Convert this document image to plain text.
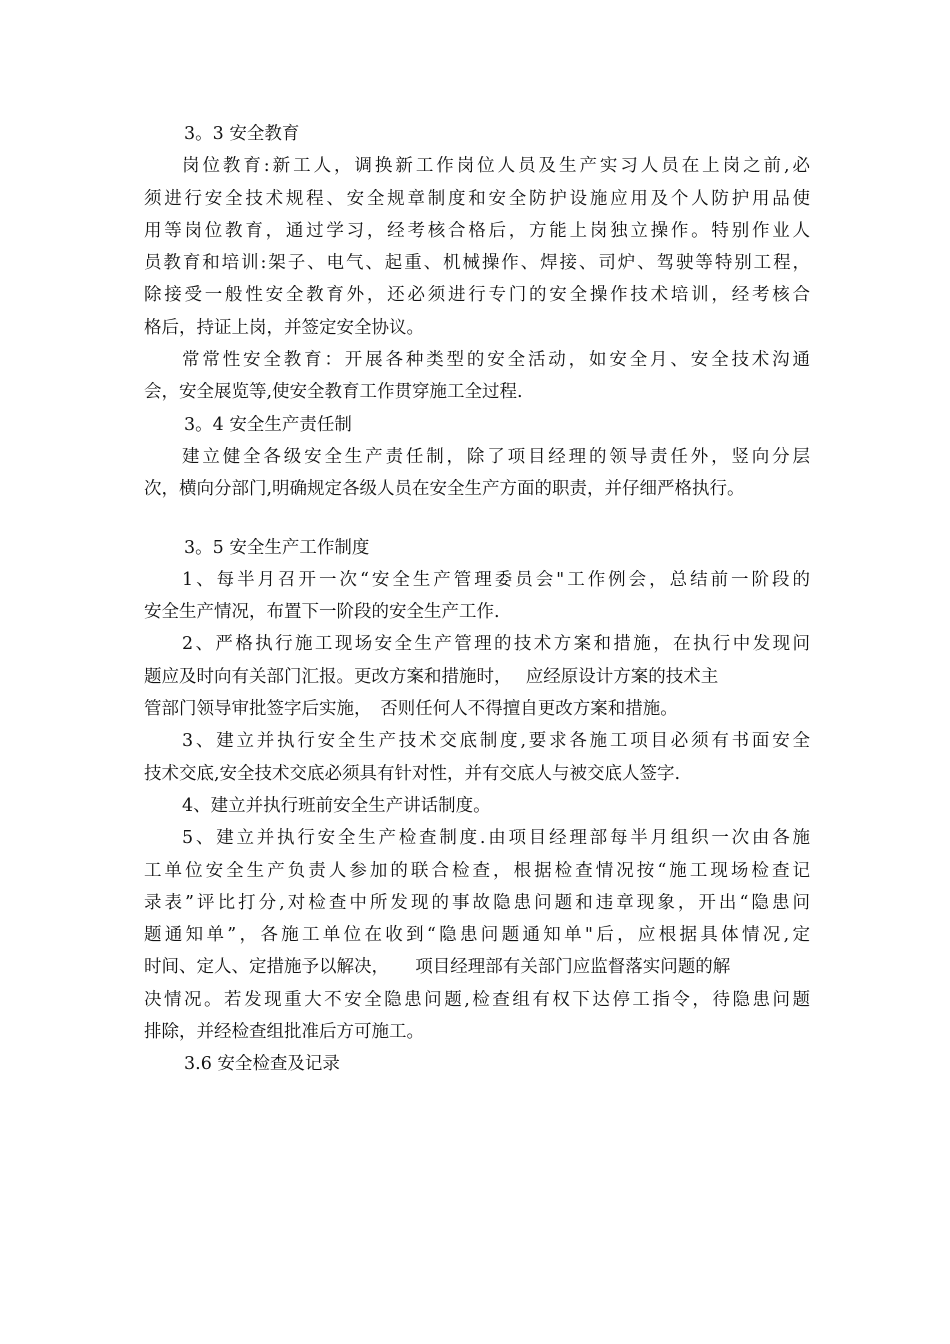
3。3 安全教育
岗位教育:新工人，调换新工作岗位人员及生产实习人员在上岗之前,必
须进行安全技术规程、安全规章制度和安全防护设施应用及个人防护用品使
用等岗位教育，通过学习，经考核合格后，方能上岗独立操作。特别作业人
员教育和培训:架子、电气、起重、机械操作、焊接、司炉、驾驶等特别工程，
除接受一般性安全教育外，还必须进行专门的安全操作技术培训，经考核合
格后，持证上岗，并签定安全协议。
常常性安全教育：开展各种类型的安全活动，如安全月、安全技术沟通
会，安全展览等,使安全教育工作贯穿施工全过程.
3。4 安全生产责任制
建立健全各级安全生产责任制，除了项目经理的领导责任外，竖向分层
次，横向分部门,明确规定各级人员在安全生产方面的职责，并仔细严格执行。
3。5 安全生产工作制度
1、每半月召开一次“安全生产管理委员会"工作例会，总结前一阶段的
安全生产情况，布置下一阶段的安全生产工作.
2、严格执行施工现场安全生产管理的技术方案和措施，在执行中发现问
题应及时向有关部门汇报。更改方案和措施时，　 应经原设计方案的技术主
管部门领导审批签字后实施，　否则任何人不得擅自更改方案和措施。
3、建立并执行安全生产技术交底制度,要求各施工项目必须有书面安全
技术交底,安全技术交底必须具有针对性，并有交底人与被交底人签字.
4、建立并执行班前安全生产讲话制度。
5、建立并执行安全生产检查制度.由项目经理部每半月组织一次由各施
工单位安全生产负责人参加的联合检查，根据检查情况按“施工现场检查记
录表”评比打分,对检查中所发现的事故隐患问题和违章现象，开出“隐患问
题通知单”，各施工单位在收到“隐患问题通知单"后，应根据具体情况,定
时间、定人、定措施予以解决，　　项目经理部有关部门应监督落实问题的解
决情况。若发现重大不安全隐患问题,检查组有权下达停工指令，待隐患问题
排除，并经检查组批准后方可施工。
3.6 安全检查及记录
